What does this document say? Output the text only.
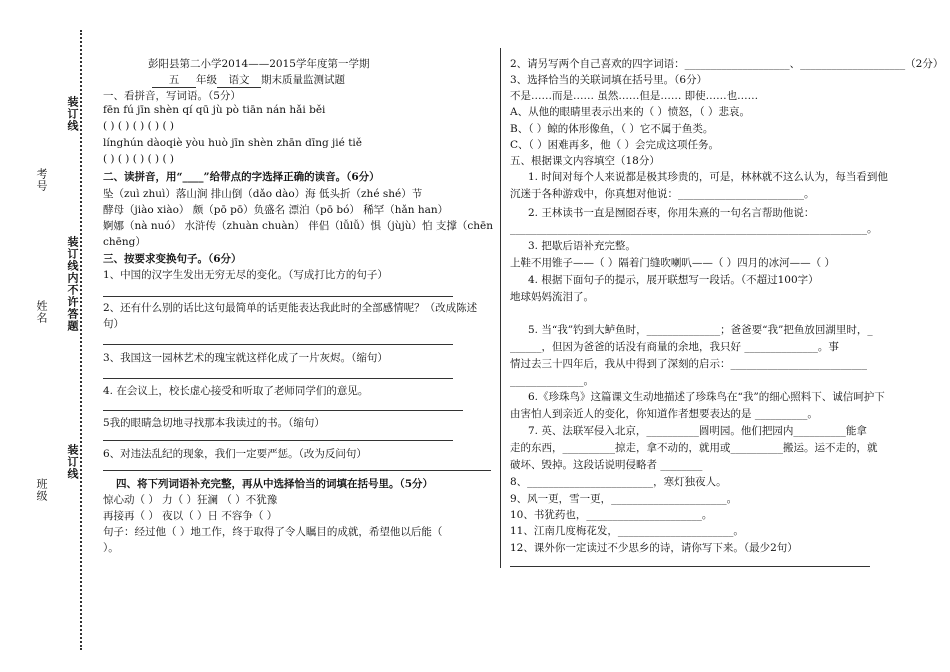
考号
姓名
班级
装订线
装订线内不许答题
装订线
彭阳县第二小学2014——2015学年度第一学期
五 年级 语文 期末质量监测试题
一、看拼音，写词语。（5分）
fēn fú jīn shèn qí qū jù pò tiān nán hǎi běi
( ) ( ) ( ) ( ) ( )
línghún dàoqiè yòu huò jīn shèn zhān dīng jié tiě
( ) ( ) ( ) ( ) ( )
二、读拼音，用“____”给带点的字选择正确的读音。（6分）
坠（zuì zhuì）落山涧 排山倒（dǎo dào）海 低头折（zhé shé）节
酵母（jiào xiào） 颇（pō pō）负盛名 漂泊（pō bó） 稀罕（hǎn han）
婀娜（nà nuó） 水浒传（zhuàn chuàn） 伴侣（lǚlǚ）惧（jùjù）怕 支撑（chēn
chēng）
三、按要求变换句子。（6分）
1、中国的汉字生发出无穷无尽的变化。（写成打比方的句子）
2、还有什么别的话比这句最简单的话更能表达我此时的全部感情呢？（改成陈述
句）
3、我国这一园林艺术的瑰宝就这样化成了一片灰烬。（缩句）
4. 在会议上，校长虚心接受和听取了老师同学们的意见。
5我的眼睛急切地寻找那本我读过的书。（缩句）
6、对违法乱纪的现象，我们一定要严惩。（改为反问句）
四、将下列词语补充完整，再从中选择恰当的词填在括号里。（5分）
惊心动（ ） 力（ ）狂澜 （ ）不犹豫
再接再（ ） 夜以（ ）日 不容争（ ）
句子：经过他（ ）地工作，终于取得了令人瞩目的成就，希望他以后能（
）。
2、请另写两个自己喜欢的四字词语：____________________、____________________（2分）
3、选择恰当的关联词填在括号里。（6分）
不是……而是…… 虽然……但是…… 即使……也……
A、从他的眼睛里表示出来的（ ）愤怒，（ ）悲哀。
B、（ ）鲸的体形像鱼，（ ）它不属于鱼类。
C、（ ）困难再多，他（ ）会完成这项任务。
五、根据课文内容填空（18分）
1. 时间对每个人来说都是极其珍贵的，可是，林林就不这么认为，每当看到他
沉迷于各种游戏中，你真想对他说：________________________。
2. 王林读书一直是囫囵吞枣，你用朱熹的一句名言帮助他说：
____________________________________________________________________。
3. 把歇后语补充完整。
上鞋不用锥子——（ ）隔着门缝吹喇叭——（ ）四月的冰河——（ ）
4. 根据下面句子的提示，展开联想写一段话。（不超过100字）
地球妈妈流泪了。
5. 当“我”钓到大鲈鱼时，______________；爸爸要“我”把鱼放回湖里时，_
______，但因为爸爸的话没有商量的余地，我只好 ______________。事
情过去三十四年后，我从中得到了深刻的启示：__________________________
______________。
6.《珍珠鸟》这篇课文生动地描述了珍珠鸟在“我”的细心照料下、诚信呵护下
由害怕人到亲近人的变化，你知道作者想要表达的是 __________。
7. 英、法联军侵入北京，__________圆明园。他们把园内__________能拿
走的东西，__________掠走，拿不动的，就用或__________搬运。运不走的，就
破坏、毁掉。这段话说明侵略者 ________
8、________________________，寒灯独夜人。
9、风一更，雪一更，______________________。
10、书犹药也，______________________。
11、江南几度梅花发，______________________。
12、课外你一定读过不少思乡的诗，请你写下来。（最少2句）
